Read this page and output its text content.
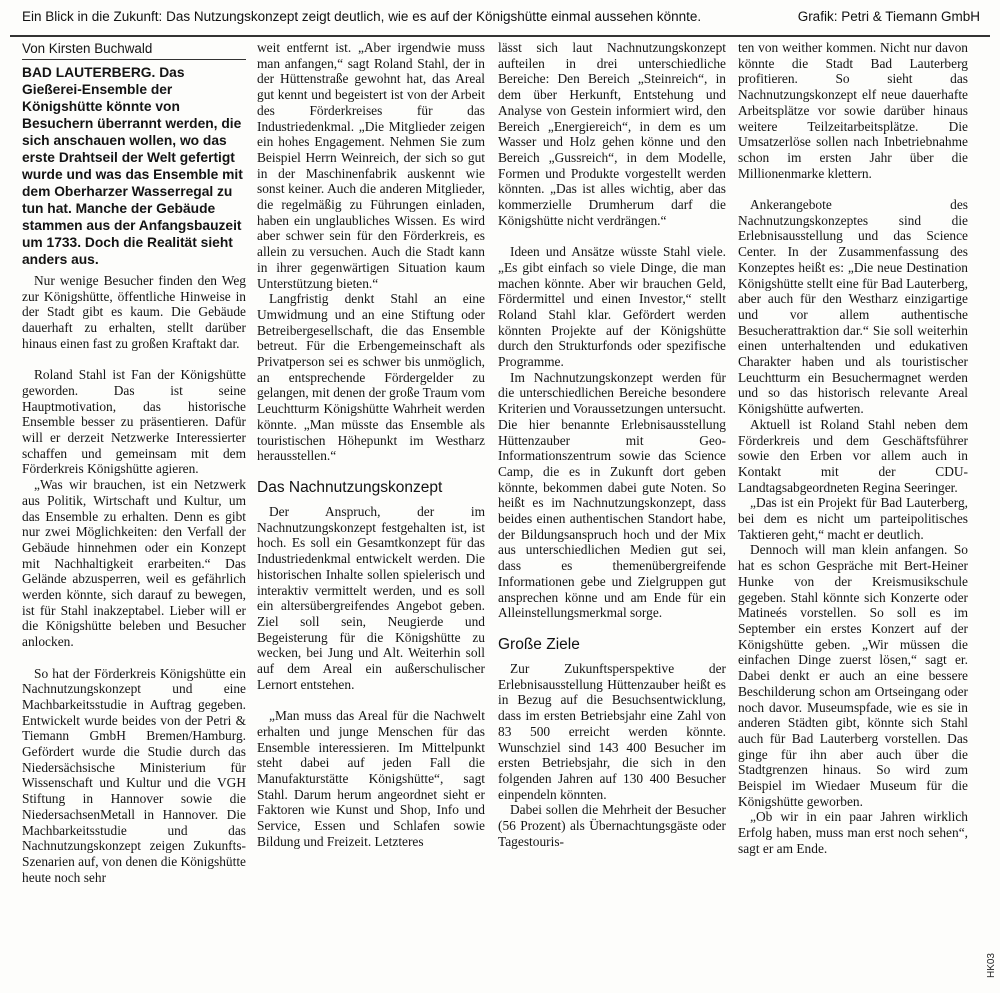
Ein Blick in die Zukunft: Das Nutzungskonzept zeigt deutlich, wie es auf der Königshütte einmal aussehen könnte.	Grafik: Petri & Tiemann GmbH

Von Kirsten Buchwald

BAD LAUTERBERG. Das Gießerei-Ensemble der Königshütte könnte von Besuchern überrannt werden, die sich anschauen wollen, wo das erste Drahtseil der Welt gefertigt wurde und was das Ensemble mit dem Oberharzer Wasserregal zu tun hat. Manche der Gebäude stammen aus der Anfangsbauzeit um 1733. Doch die Realität sieht anders aus.

Nur wenige Besucher finden den Weg zur Königshütte, öffentliche Hinweise in der Stadt gibt es kaum. Die Gebäude dauerhaft zu erhalten, stellt darüber hinaus einen fast zu großen Kraftakt dar.

Roland Stahl ist Fan der Königshütte geworden. Das ist seine Hauptmotivation, das historische Ensemble besser zu präsentieren. Dafür will er derzeit Netzwerke Interessierter schaffen und gemeinsam mit dem Förderkreis Königshütte agieren.

„Was wir brauchen, ist ein Netzwerk aus Politik, Wirtschaft und Kultur, um das Ensemble zu erhalten. Denn es gibt nur zwei Möglichkeiten: den Verfall der Gebäude hinnehmen oder ein Konzept mit Nachhaltigkeit erarbeiten.“ Das Gelände abzusperren, weil es gefährlich werden könnte, sich darauf zu bewegen, ist für Stahl inakzeptabel. Lieber will er die Königshütte beleben und Besucher anlocken.

So hat der Förderkreis Königshütte ein Nachnutzungskonzept und eine Machbarkeitsstudie in Auftrag gegeben. Entwickelt wurde beides von der Petri & Tiemann GmbH Bremen/Hamburg. Gefördert wurde die Studie durch das Niedersächsische Ministerium für Wissenschaft und Kultur und die VGH Stiftung in Hannover sowie die NiedersachsenMetall in Hannover. Die Machbarkeitsstudie und das Nachnutzungskonzept zeigen Zukunfts-Szenarien auf, von denen die Königshütte heute noch sehr

weit entfernt ist. „Aber irgendwie muss man anfangen,“ sagt Roland Stahl, der in der Hüttenstraße gewohnt hat, das Areal gut kennt und begeistert ist von der Arbeit des Förderkreises für das Industriedenkmal. „Die Mitglieder zeigen ein hohes Engagement. Nehmen Sie zum Beispiel Herrn Weinreich, der sich so gut in der Maschinenfabrik auskennt wie sonst keiner. Auch die anderen Mitglieder, die regelmäßig zu Führungen einladen, haben ein unglaubliches Wissen. Es wird aber schwer sein für den Förderkreis, es allein zu versuchen. Auch die Stadt kann in ihrer gegenwärtigen Situation kaum Unterstützung bieten.“

Langfristig denkt Stahl an eine Umwidmung und an eine Stiftung oder Betreibergesellschaft, die das Ensemble betreut. Für die Erbengemeinschaft als Privatperson sei es schwer bis unmöglich, an entsprechende Fördergelder zu gelangen, mit denen der große Traum vom Leuchtturm Königshütte Wahrheit werden könnte. „Man müsste das Ensemble als touristischen Höhepunkt im Westharz herausstellen.“

Das Nachnutzungskonzept

Der Anspruch, der im Nachnutzungskonzept festgehalten ist, ist hoch. Es soll ein Gesamtkonzept für das Industriedenkmal entwickelt werden. Die historischen Inhalte sollen spielerisch und interaktiv vermittelt werden, und es soll ein altersübergreifendes Angebot geben. Ziel soll sein, Neugierde und Begeisterung für die Königshütte zu wecken, bei Jung und Alt. Weiterhin soll auf dem Areal ein außerschulischer Lernort entstehen.

„Man muss das Areal für die Nachwelt erhalten und junge Menschen für das Ensemble interessieren. Im Mittelpunkt steht dabei auf jeden Fall die Manufakturstätte Königshütte“, sagt Stahl. Darum herum angeordnet sieht er Faktoren wie Kunst und Shop, Info und Service, Essen und Schlafen sowie Bildung und Freizeit. Letzteres

lässt sich laut Nachnutzungskonzept aufteilen in drei unterschiedliche Bereiche: Den Bereich „Steinreich“, in dem über Herkunft, Entstehung und Analyse von Gestein informiert wird, den Bereich „Energiereich“, in dem es um Wasser und Holz gehen könne und den Bereich „Gussreich“, in dem Modelle, Formen und Produkte vorgestellt werden könnten. „Das ist alles wichtig, aber das kommerzielle Drumherum darf die Königshütte nicht verdrängen.“

Ideen und Ansätze wüsste Stahl viele. „Es gibt einfach so viele Dinge, die man machen könnte. Aber wir brauchen Geld, Fördermittel und einen Investor,“ stellt Roland Stahl klar. Gefördert werden könnten Projekte auf der Königshütte durch den Strukturfonds oder spezifische Programme.

Im Nachnutzungskonzept werden für die unterschiedlichen Bereiche besondere Kriterien und Voraussetzungen untersucht. Die hier benannte Erlebnisausstellung Hüttenzauber mit Geo-Informationszentrum sowie das Science Camp, die es in Zukunft dort geben könnte, bekommen dabei gute Noten. So heißt es im Nachnutzungskonzept, dass beides einen authentischen Standort habe, der Bildungsanspruch hoch und der Mix aus unterschiedlichen Medien gut sei, dass es themenübergreifende Informationen gebe und Zielgruppen gut ansprechen könne und am Ende für ein Alleinstellungsmerkmal sorge.

Große Ziele

Zur Zukunftsperspektive der Erlebnisausstellung Hüttenzauber heißt es in Bezug auf die Besuchsentwicklung, dass im ersten Betriebsjahr eine Zahl von 83 500 erreicht werden könnte. Wunschziel sind 143 400 Besucher im ersten Betriebsjahr, die sich in den folgenden Jahren auf 130 400 Besucher einpendeln könnten.

Dabei sollen die Mehrheit der Besucher (56 Prozent) als Übernachtungsgäste oder Tagestouris-

ten von weither kommen. Nicht nur davon könnte die Stadt Bad Lauterberg profitieren. So sieht das Nachnutzungskonzept elf neue dauerhafte Arbeitsplätze vor sowie darüber hinaus weitere Teilzeitarbeitsplätze. Die Umsatzerlöse sollen nach Inbetriebnahme schon im ersten Jahr über die Millionenmarke klettern.

Ankerangebote des Nachnutzungskonzeptes sind die Erlebnisausstellung und das Science Center. In der Zusammenfassung des Konzeptes heißt es: „Die neue Destination Königshütte stellt eine für Bad Lauterberg, aber auch für den Westharz einzigartige und vor allem authentische Besucherattraktion dar.“ Sie soll weiterhin einen unterhaltenden und edukativen Charakter haben und als touristischer Leuchtturm ein Besuchermagnet werden und so das historisch relevante Areal Königshütte aufwerten.

Aktuell ist Roland Stahl neben dem Förderkreis und dem Geschäftsführer sowie den Erben vor allem auch in Kontakt mit der CDU-Landtagsabgeordneten Regina Seeringer.

„Das ist ein Projekt für Bad Lauterberg, bei dem es nicht um parteipolitisches Taktieren geht,“ macht er deutlich.

Dennoch will man klein anfangen. So hat es schon Gespräche mit Bert-Heiner Hunke von der Kreismusikschule gegeben. Stahl könnte sich Konzerte oder Matineés vorstellen. So soll es im September ein erstes Konzert auf der Königshütte geben. „Wir müssen die einfachen Dinge zuerst lösen,“ sagt er. Dabei denkt er auch an eine bessere Beschilderung schon am Ortseingang oder noch davor. Museumspfade, wie es sie in anderen Städten gibt, könnte sich Stahl auch für Bad Lauterberg vorstellen. Das ginge für ihn aber auch über die Stadtgrenzen hinaus. So wird zum Beispiel im Wiedaer Museum für die Königshütte geworben.

„Ob wir in ein paar Jahren wirklich Erfolg haben, muss man erst noch sehen“, sagt er am Ende.

HK03
